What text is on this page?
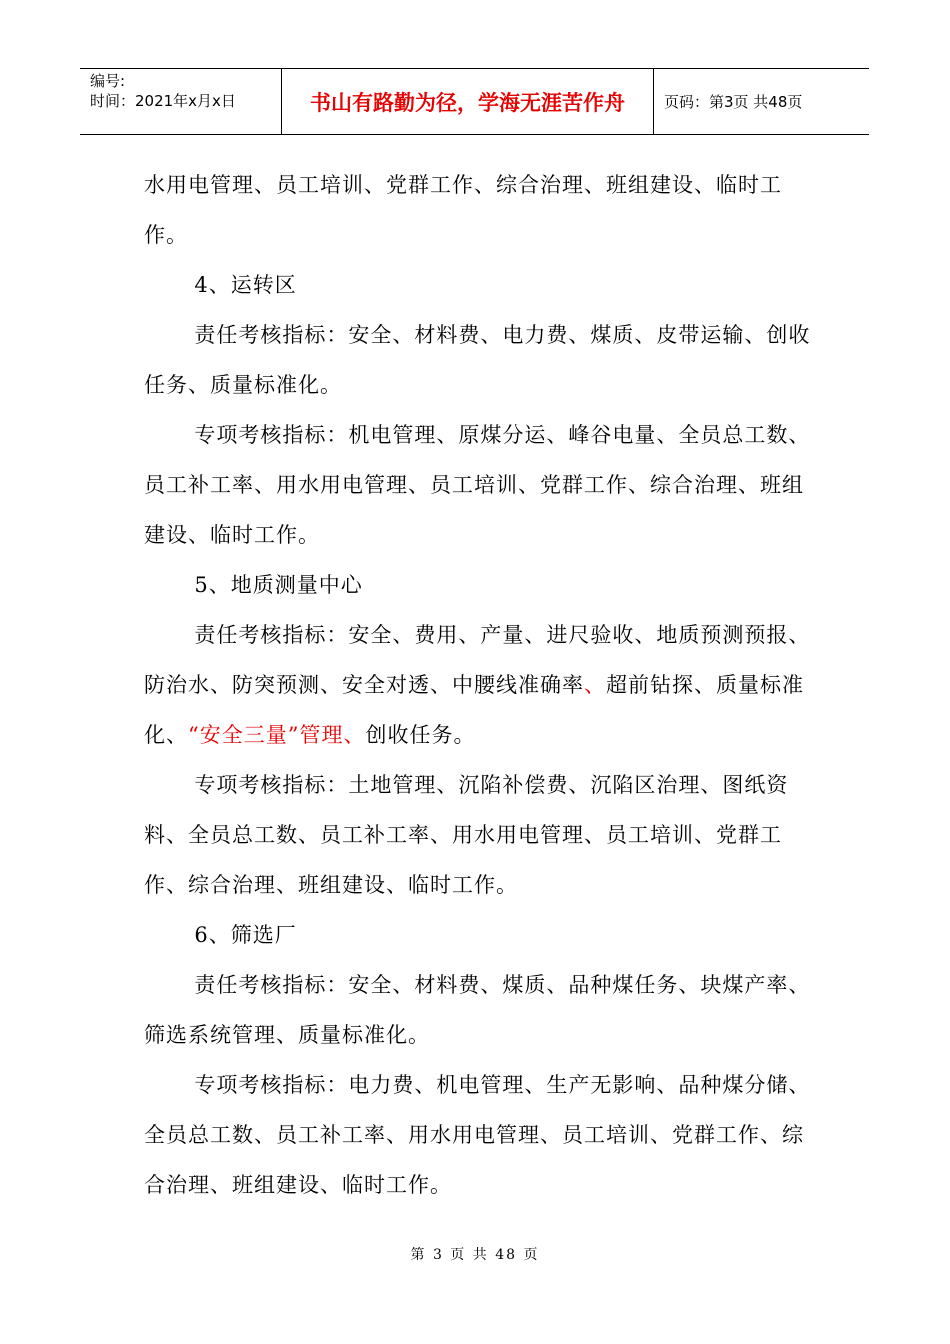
编号:
时间：2021年x月x日	书山有路勤为径，学海无涯苦作舟	页码：第3页 共48页

水用电管理、员工培训、党群工作、综合治理、班组建设、临时工

作。

4、运转区

责任考核指标：安全、材料费、电力费、煤质、皮带运输、创收任务、质量标准化。

专项考核指标：机电管理、原煤分运、峰谷电量、全员总工数、员工补工率、用水用电管理、员工培训、党群工作、综合治理、班组建设、临时工作。

5、地质测量中心

责任考核指标：安全、费用、产量、进尺验收、地质预测预报、防治水、防突预测、安全对透、中腰线准确率、超前钻探、质量标准化、“安全三量”管理、创收任务。

专项考核指标：土地管理、沉陷补偿费、沉陷区治理、图纸资料、全员总工数、员工补工率、用水用电管理、员工培训、党群工作、综合治理、班组建设、临时工作。

6、筛选厂

责任考核指标：安全、材料费、煤质、品种煤任务、块煤产率、筛选系统管理、质量标准化。

专项考核指标：电力费、机电管理、生产无影响、品种煤分储、全员总工数、员工补工率、用水用电管理、员工培训、党群工作、综合治理、班组建设、临时工作。

第 3 页 共 48 页
